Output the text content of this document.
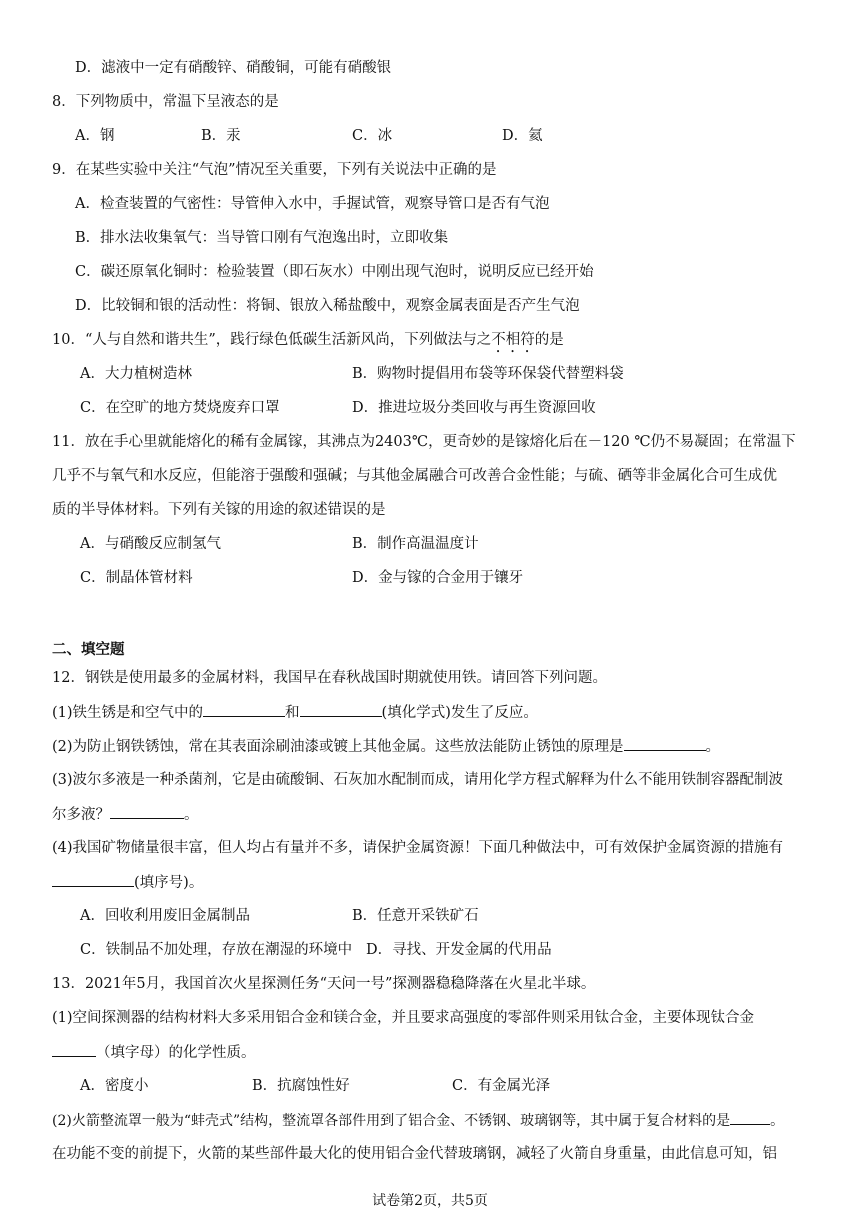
D．滤液中一定有硝酸锌、硝酸铜，可能有硝酸银
8．下列物质中，常温下呈液态的是
A．钢	B．汞	C．冰	D．氦
9．在某些实验中关注“气泡”情况至关重要，下列有关说法中正确的是
A．检查装置的气密性：导管伸入水中，手握试管，观察导管口是否有气泡
B．排水法收集氧气：当导管口刚有气泡逸出时，立即收集
C．碳还原氧化铜时：检验装置（即石灰水）中刚出现气泡时，说明反应已经开始
D．比较铜和银的活动性：将铜、银放入稀盐酸中，观察金属表面是否产生气泡
10．“人与自然和谐共生”，践行绿色低碳生活新风尚，下列做法与之不相符的是
A．大力植树造林	B．购物时提倡用布袋等环保袋代替塑料袋
C．在空旷的地方焚烧废弃口罩	D．推进垃圾分类回收与再生资源回收
11．放在手心里就能熔化的稀有金属镓，其沸点为2403℃，更奇妙的是镓熔化后在－120 ℃仍不易凝固；在常温下
几乎不与氧气和水反应，但能溶于强酸和强碱；与其他金属融合可改善合金性能；与硫、硒等非金属化合可生成优
质的半导体材料。下列有关镓的用途的叙述错误的是
A．与硝酸反应制氢气	B．制作高温温度计
C．制晶体管材料	D．金与镓的合金用于镶牙
二、填空题
12．钢铁是使用最多的金属材料，我国早在春秋战国时期就使用铁。请回答下列问题。
(1)铁生锈是和空气中的	和	(填化学式)发生了反应。
(2)为防止钢铁锈蚀，常在其表面涂刷油漆或镀上其他金属。这些放法能防止锈蚀的原理是	。
(3)波尔多液是一种杀菌剂，它是由硫酸铜、石灰加水配制而成，请用化学方程式解释为什么不能用铁制容器配制波
尔多液？	。
(4)我国矿物储量很丰富，但人均占有量并不多，请保护金属资源！下面几种做法中，可有效保护金属资源的措施有
(填序号)。
A．回收利用废旧金属制品	B．任意开采铁矿石
C．铁制品不加处理，存放在潮湿的环境中 D．寻找、开发金属的代用品
13．2021年5月，我国首次火星探测任务“天问一号”探测器稳稳降落在火星北半球。
(1)空间探测器的结构材料大多采用铝合金和镁合金，并且要求高强度的零部件则采用钛合金，主要体现钛合金
（填字母）的化学性质。
A．密度小	B．抗腐蚀性好	C．有金属光泽
(2)火箭整流罩一般为“蚌壳式”结构，整流罩各部件用到了铝合金、不锈钢、玻璃钢等，其中属于复合材料的是	。
在功能不变的前提下，火箭的某些部件最大化的使用铝合金代替玻璃钢，减轻了火箭自身重量，由此信息可知，铝
试卷第2页，共5页
